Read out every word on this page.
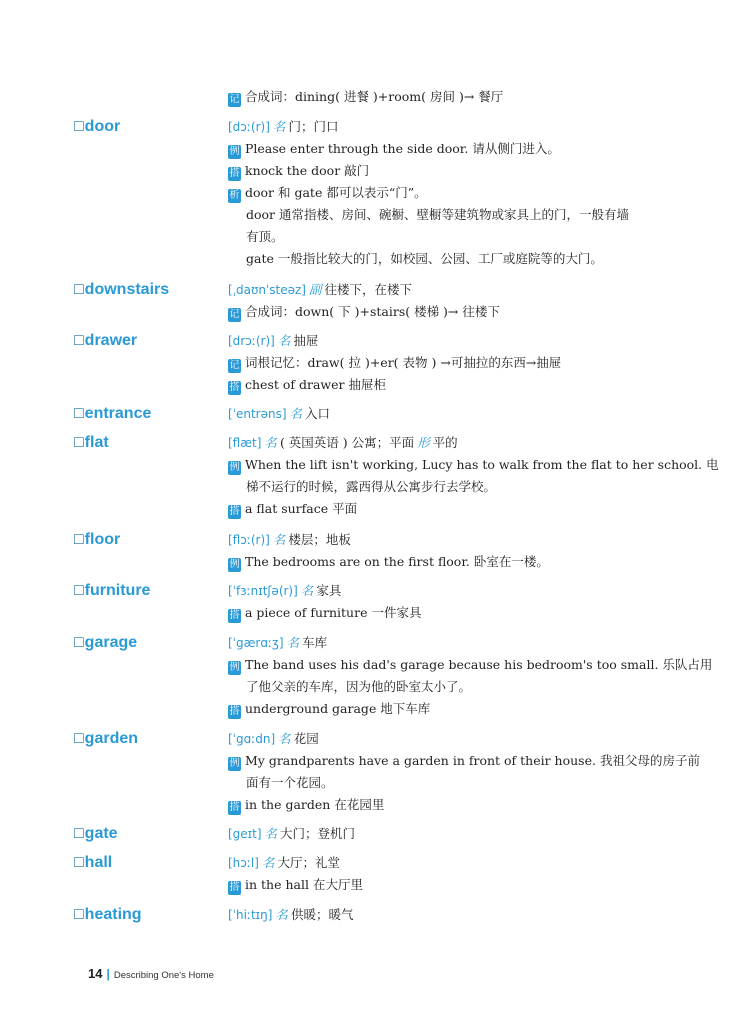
记 合成词：dining( 进餐 )+room( 房间 )→ 餐厅
□door	[dɔː(r)] 名 门；门口
例 Please enter through the side door. 请从侧门进入。
搭 knock the door 敲门
析 door 和 gate 都可以表示“门”。
door 通常指楼、房间、碗橱、壁橱等建筑物或家具上的门，一般有墙
有顶。
gate 一般指比较大的门，如校园、公园、工厂或庭院等的大门。
□downstairs	[ˌdaʊnˈsteəz] 副 往楼下，在楼下
记 合成词：down( 下 )+stairs( 楼梯 )→ 往楼下
□drawer	[drɔː(r)] 名 抽屉
记 词根记忆：draw( 拉 )+er( 表物 ) →可抽拉的东西→抽屉
搭 chest of drawer 抽屉柜
□entrance	[ˈentrəns] 名 入口
□flat	[flæt] 名 ( 英国英语 ) 公寓；平面 形 平的
例 When the lift isn't working, Lucy has to walk from the flat to her school. 电
梯不运行的时候，露西得从公寓步行去学校。
搭 a flat surface 平面
□floor	[flɔː(r)] 名 楼层；地板
例 The bedrooms are on the first floor. 卧室在一楼。
□furniture	[ˈfɜːnɪtʃə(r)] 名 家具
搭 a piece of furniture 一件家具
□garage	[ˈgærɑːʒ] 名 车库
例 The band uses his dad's garage because his bedroom's too small. 乐队占用
了他父亲的车库，因为他的卧室太小了。
搭 underground garage 地下车库
□garden	[ˈgɑːdn] 名 花园
例 My grandparents have a garden in front of their house. 我祖父母的房子前
面有一个花园。
搭 in the garden 在花园里
□gate	[geɪt] 名 大门；登机门
□hall	[hɔːl] 名 大厅；礼堂
搭 in the hall 在大厅里
□heating	[ˈhiːtɪŋ] 名 供暖；暖气
14 | Describing One's Home
